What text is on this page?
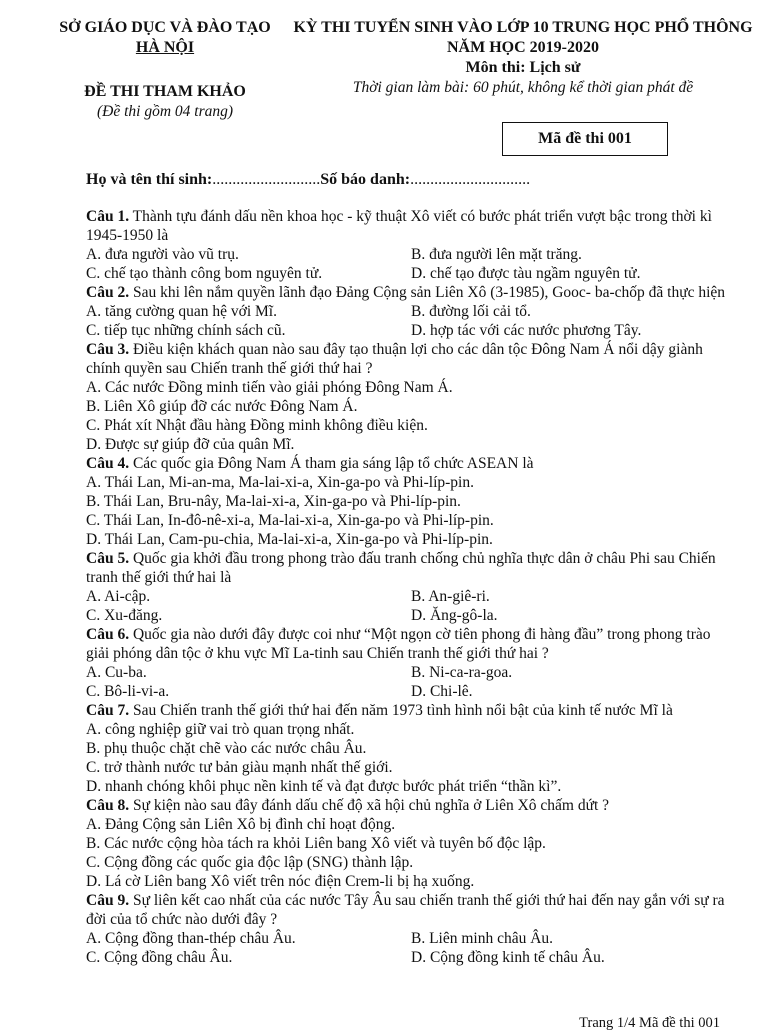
SỞ GIÁO DỤC VÀ ĐÀO TẠO
HÀ NỘI
ĐỀ THI THAM KHẢO
(Đề thi gồm 04 trang)
KỲ THI TUYỂN SINH VÀO LỚP 10 TRUNG HỌC PHỔ THÔNG
NĂM HỌC 2019-2020
Môn thi: Lịch sử
Thời gian làm bài: 60 phút, không kể thời gian phát đề
Mã đề thi 001
Họ và tên thí sinh:...........................Số báo danh:..............................
Câu 1. Thành tựu đánh dấu nền khoa học - kỹ thuật Xô viết có bước phát triển vượt bậc trong thời kì 1945-1950 là
A. đưa người vào vũ trụ.	B. đưa người lên mặt trăng.
C. chế tạo thành công bom nguyên tử.	D. chế tạo được tàu ngầm nguyên tử.
Câu 2. Sau khi lên nắm quyền lãnh đạo Đảng Cộng sản Liên Xô (3-1985), Gooc- ba-chốp đã thực hiện
A. tăng cường quan hệ với Mĩ.	B. đường lối cải tổ.
C. tiếp tục những chính sách cũ.	D. hợp tác với các nước phương Tây.
Câu 3. Điều kiện khách quan nào sau đây tạo thuận lợi cho các dân tộc Đông Nam Á nổi dậy giành chính quyền sau Chiến tranh thế giới thứ hai ?
A. Các nước Đồng minh tiến vào giải phóng Đông Nam Á.
B. Liên Xô giúp đỡ các nước Đông Nam Á.
C. Phát xít Nhật đầu hàng Đồng minh không điều kiện.
D. Được sự giúp đỡ của quân Mĩ.
Câu 4. Các quốc gia Đông Nam Á tham gia sáng lập tổ chức ASEAN là
A. Thái Lan, Mi-an-ma, Ma-lai-xi-a, Xin-ga-po và Phi-líp-pin.
B. Thái Lan, Bru-nây, Ma-lai-xi-a, Xin-ga-po và Phi-líp-pin.
C. Thái Lan, In-đô-nê-xi-a, Ma-lai-xi-a, Xin-ga-po và Phi-líp-pin.
D. Thái Lan, Cam-pu-chia, Ma-lai-xi-a, Xin-ga-po và Phi-líp-pin.
Câu 5. Quốc gia khởi đầu trong phong trào đấu tranh chống chủ nghĩa thực dân ở châu Phi sau Chiến tranh thế giới thứ hai là
A. Ai-cập.	B. An-giê-ri.
C. Xu-đăng.	D. Ăng-gô-la.
Câu 6. Quốc gia nào dưới đây được coi như “Một ngọn cờ tiên phong đi hàng đầu” trong phong trào giải phóng dân tộc ở khu vực Mĩ La-tinh sau Chiến tranh thế giới thứ hai ?
A. Cu-ba.	B. Ni-ca-ra-goa.
C. Bô-li-vi-a.	D. Chi-lê.
Câu 7. Sau Chiến tranh thế giới thứ hai đến năm 1973 tình hình nổi bật của kinh tế nước Mĩ là
A. công nghiệp giữ vai trò quan trọng nhất.
B. phụ thuộc chặt chẽ vào các nước châu Âu.
C. trở thành nước tư bản giàu mạnh nhất thế giới.
D. nhanh chóng khôi phục nền kinh tế và đạt được bước phát triển “thần kì”.
Câu 8. Sự kiện nào sau đây đánh dấu chế độ xã hội chủ nghĩa ở Liên Xô chấm dứt ?
A. Đảng Cộng sản Liên Xô bị đình chỉ hoạt động.
B. Các nước cộng hòa tách ra khỏi Liên bang Xô viết và tuyên bố độc lập.
C. Cộng đồng các quốc gia độc lập (SNG) thành lập.
D. Lá cờ Liên bang Xô viết trên nóc điện Crem-li bị hạ xuống.
Câu 9. Sự liên kết cao nhất của các nước Tây Âu sau chiến tranh thế giới thứ hai đến nay gắn với sự ra đời của tổ chức nào dưới đây ?
A. Cộng đồng than-thép châu Âu.	B. Liên minh châu Âu.
C. Cộng đồng châu Âu.	D. Cộng đồng kinh tế châu Âu.
Trang 1/4 Mã đề thi 001
